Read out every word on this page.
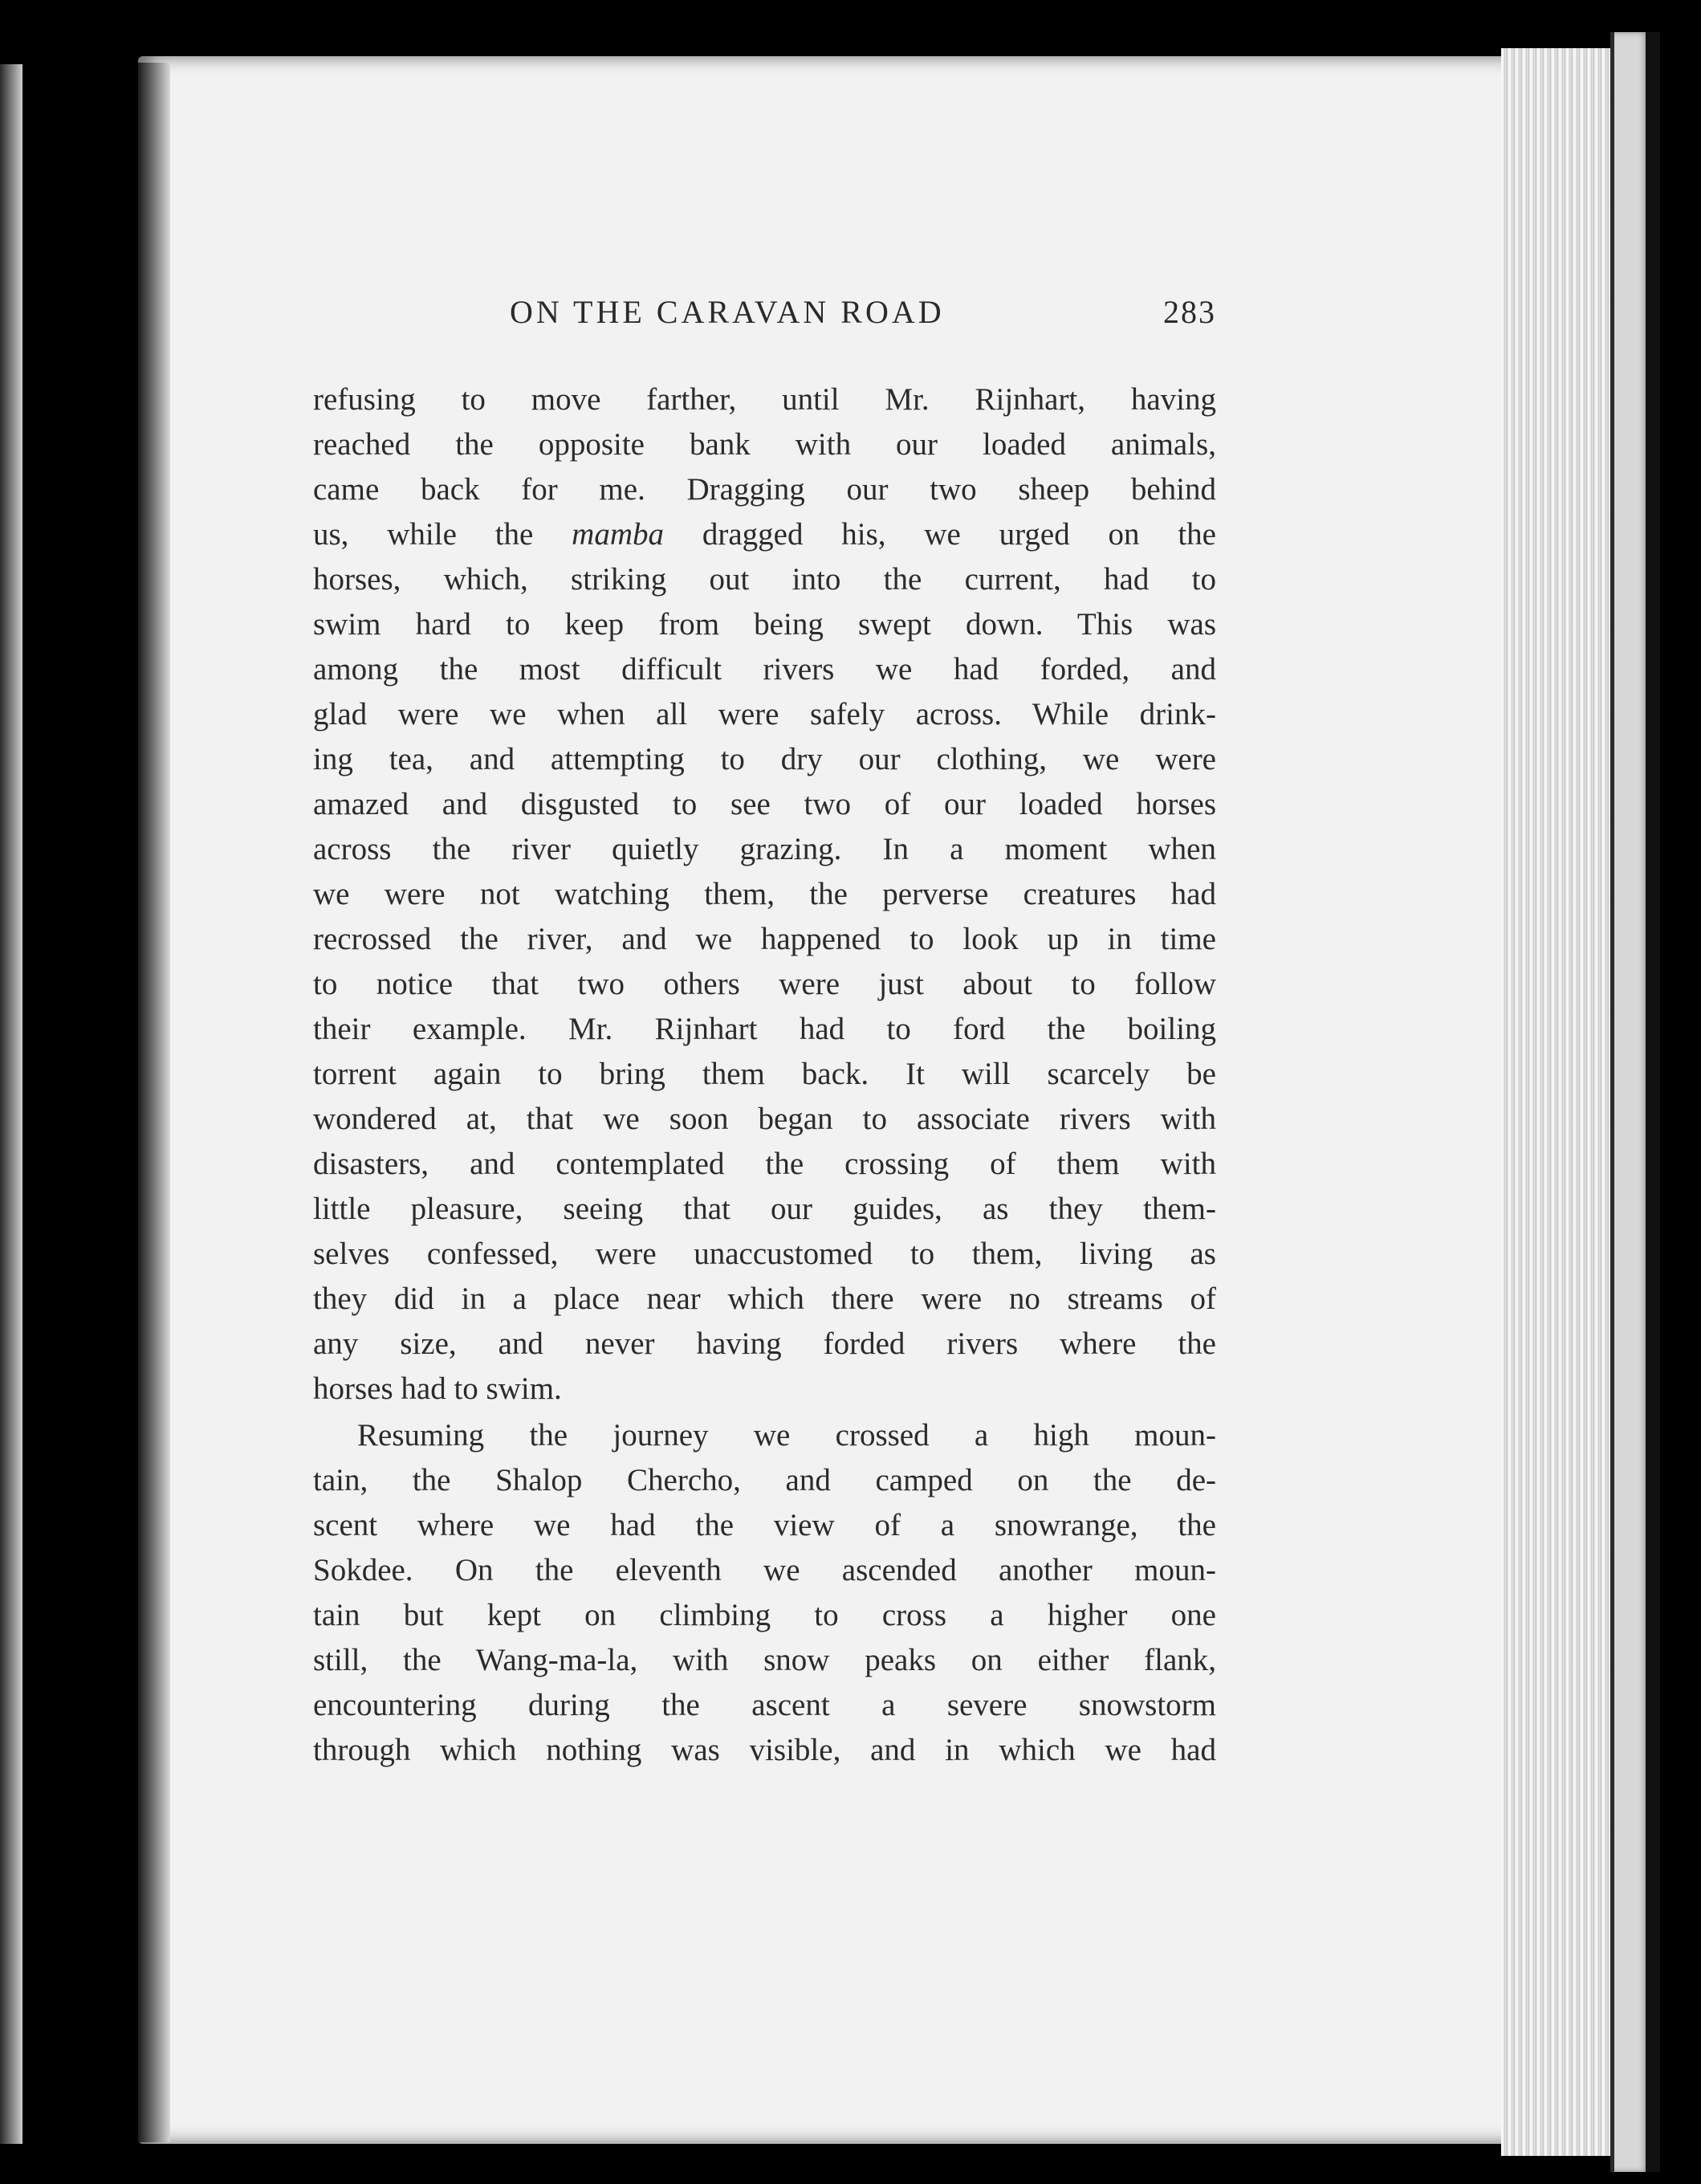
ON THE CARAVAN ROAD	283
refusing to move farther, until Mr. Rijnhart, having
reached the opposite bank with our loaded animals,
came back for me. Dragging our two sheep behind
us, while the mamba dragged his, we urged on the
horses, which, striking out into the current, had to
swim hard to keep from being swept down. This was
among the most difficult rivers we had forded, and
glad were we when all were safely across. While drink-
ing tea, and attempting to dry our clothing, we were
amazed and disgusted to see two of our loaded horses
across the river quietly grazing. In a moment when
we were not watching them, the perverse creatures had
recrossed the river, and we happened to look up in time
to notice that two others were just about to follow
their example. Mr. Rijnhart had to ford the boiling
torrent again to bring them back. It will scarcely be
wondered at, that we soon began to associate rivers with
disasters, and contemplated the crossing of them with
little pleasure, seeing that our guides, as they them-
selves confessed, were unaccustomed to them, living as
they did in a place near which there were no streams of
any size, and never having forded rivers where the
horses had to swim.
Resuming the journey we crossed a high moun-
tain, the Shalop Chercho, and camped on the de-
scent where we had the view of a snowrange, the
Sokdee. On the eleventh we ascended another moun-
tain but kept on climbing to cross a higher one
still, the Wang-ma-la, with snow peaks on either flank,
encountering during the ascent a severe snowstorm
through which nothing was visible, and in which we had
